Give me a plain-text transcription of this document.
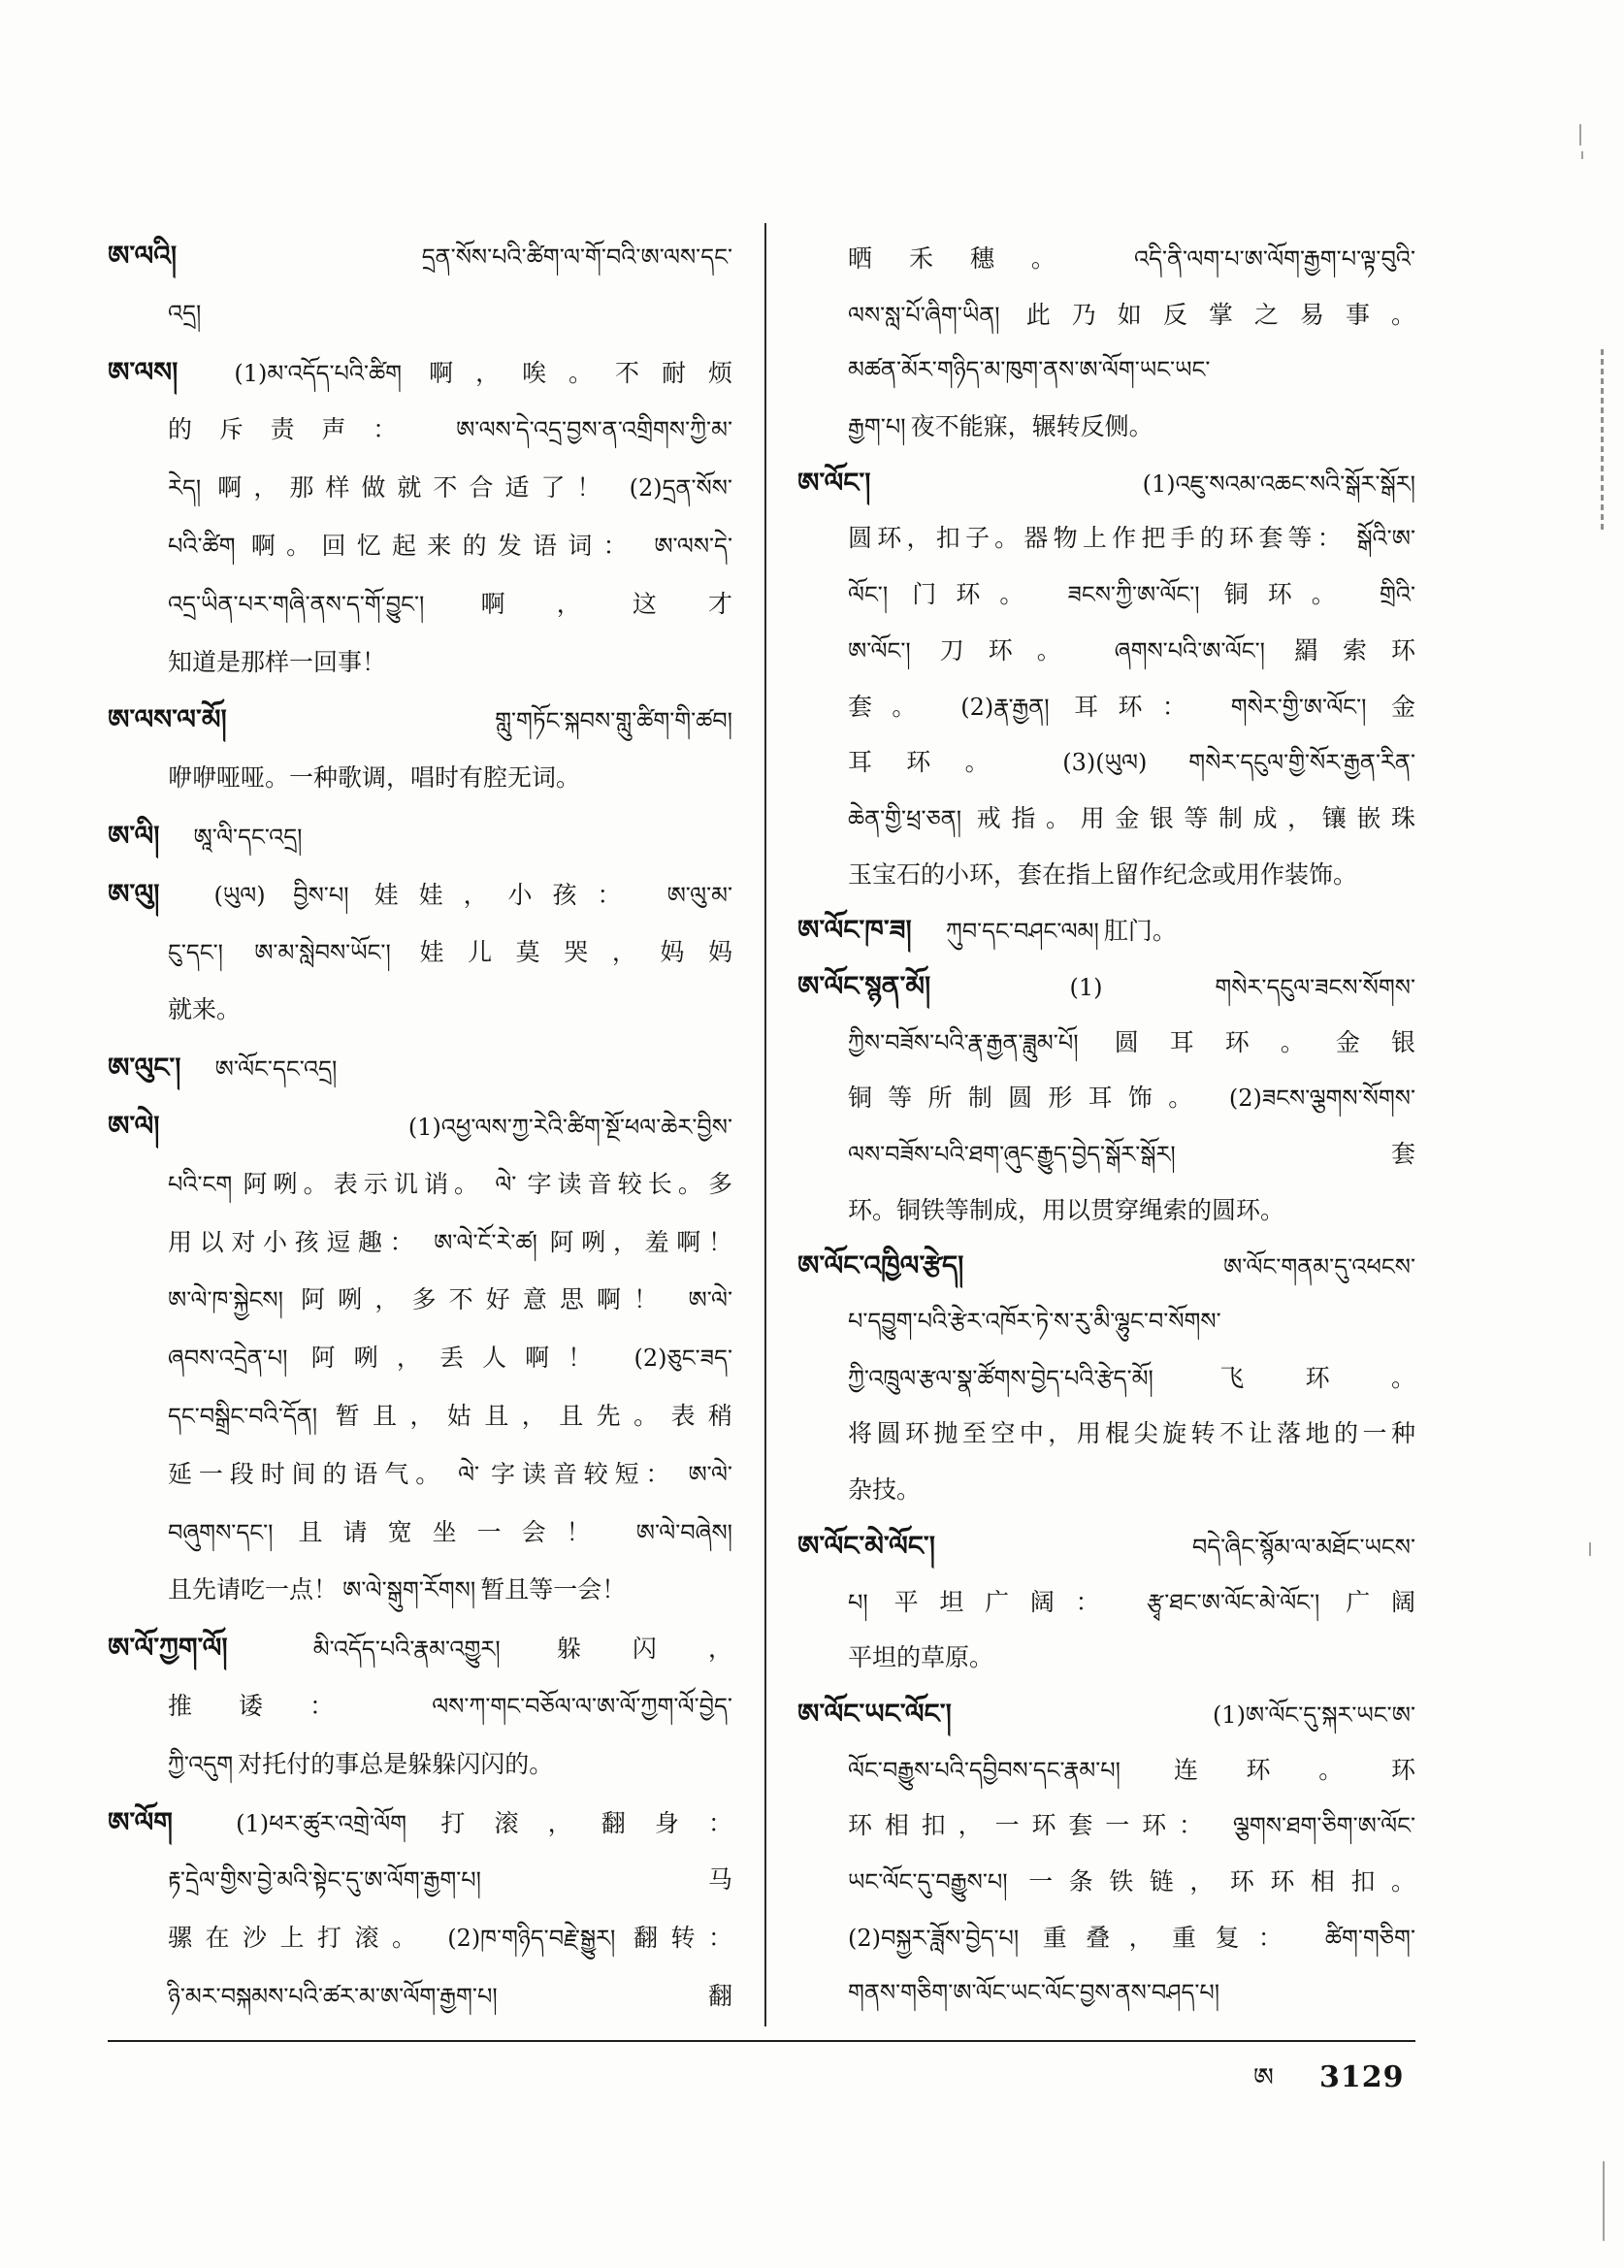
ཨ་ལའི།	དྲན་སོས་པའི་ཚིག་ལ་གོ་བའི་ཨ་ལས་དང་
འདྲ།
ཨ་ལས། (1)མ་འདོད་པའི་ཚིག 啊，唉。不耐烦
的斥责声： ཨ་ལས་དེ་འདྲ་བྱས་ན་འགྲིགས་ཀྱི་མ་
རེད། 啊，那样做就不合适了！ (2)དྲན་སོས་
པའི་ཚིག 啊。回忆起来的发语词： ཨ་ལས་དེ་
འདྲ་ཡིན་པར་གཞི་ནས་ད་གོ་བྱུང་། 啊，这才
知道是那样一回事！
ཨ་ལས་ལ་མོ།	གླུ་གཏོང་སྐབས་གླུ་ཚིག་གི་ཚབ།
咿咿哑哑。一种歌调，唱时有腔无词。
ཨ་ལི། ཨཱ་ལི་དང་འདྲ།
ཨ་ལུ། (ཡུལ) བྱིས་པ། 娃娃，小孩： ཨ་ལུ་མ་
ངུ་དང་། ཨ་མ་སླེབས་ཡོང་། 娃儿莫哭，妈妈
就来。
ཨ་ལུང་། ཨ་ལོང་དང་འདྲ།
ཨ་ལེ།	(1)འཕྱ་ལས་ཀྱ་རེའི་ཚིག་སྔོ་ཕལ་ཆེར་བྱིས་
པའི་ངག 阿咧。表示讥诮。 ལེ་ 字读音较长。多
用以对小孩逗趣： ཨ་ལེ་ངོ་རེ་ཚ། 阿咧，羞啊！
ཨ་ལེ་ཁ་སྐྱེངས། 阿咧，多不好意思啊！ ཨ་ལེ་
ཞབས་འདྲེན་པ། 阿咧，丢人啊！ (2)ཅུང་ཟད་
དང་བསྒྲིང་བའི་དོན། 暂且，姑且，且先。表稍
延一段时间的语气。 ལེ་ 字读音较短： ཨ་ལེ་
བཞུགས་དང་། 且请宽坐一会！ ཨ་ལེ་བཞེས།
且先请吃一点！ ཨ་ལེ་སྒུག་རོགས། 暂且等一会！
ཨ་ལོ་ཀྱག་ལོ།	མི་འདོད་པའི་རྣམ་འགྱུར། 躲闪，
推诿： ལས་ཀ་གང་བཅོལ་ལ་ཨ་ལོ་ཀྱག་ལོ་བྱེད་
ཀྱི་འདུག 对托付的事总是躲躲闪闪的。
ཨ་ལོག	(1)ཕར་ཚུར་འགྲེ་ལོག 打滚，翻身：
རྟ་དྲེལ་གྱིས་བྱེ་མའི་སྟེང་དུ་ཨ་ལོག་རྒྱག་པ།	马
骡在沙上打滚。 (2)ཁ་གཉིད་བརྗེ་སྒྱུར། 翻转：
ཉི་མར་བསྐམས་པའི་ཚར་མ་ཨ་ལོག་རྒྱག་པ།	翻
晒禾穗。 འདི་ནི་ལག་པ་ཨ་ལོག་རྒྱག་པ་ལྟ་བུའི་
ལས་སླ་པོ་ཞིག་ཡིན། 此乃如反掌之易事。
མཚན་མོར་གཉིད་མ་ཁུག་ནས་ཨ་ལོག་ཡང་ཡང་
རྒྱག་པ། 夜不能寐，辗转反侧。
ཨ་ལོང་།	(1)འཇུ་སའམ་འཆང་སའི་སྒོར་སྒོར།
圆环，扣子。器物上作把手的环套等： སྒོའི་ཨ་
ལོང་། 门环。 ཟངས་ཀྱི་ཨ་ལོང་། 铜环。 གྲིའི་
ཨ་ལོང་། 刀环。 ཞགས་པའི་ཨ་ལོང་། 羂索环
套。 (2)རྣ་རྒྱན། 耳环： གསེར་གྱི་ཨ་ལོང་། 金
耳环。 (3)(ཡུལ) གསེར་དངུལ་གྱི་སོར་རྒྱན་རིན་
ཆེན་གྱི་ཕྲ་ཅན། 戒指。用金银等制成，镶嵌珠
玉宝石的小环，套在指上留作纪念或用作装饰。
ཨ་ལོང་ཁ་ཟ། ཀུབ་དང་བཤང་ལམ། 肛门。
ཨ་ལོང་སྙན་མོ།	(1) གསེར་དངུལ་ཟངས་སོགས་
ཀྱིས་བཟོས་པའི་རྣ་རྒྱན་ཟླུམ་པོ། 圆耳环。金银
铜等所制圆形耳饰。 (2)ཟངས་ལྕགས་སོགས་
ལས་བཟོས་པའི་ཐག་ཞུང་རྒྱུད་བྱེད་སྒོར་སྒོར།	套
环。铜铁等制成，用以贯穿绳索的圆环。
ཨ་ལོང་འཁྱིལ་རྩེད།	ཨ་ལོང་གནམ་དུ་འཕངས་
པ་དབྱུག་པའི་རྩེར་འཁོར་ཏེ་ས་རུ་མི་ལྷུང་བ་སོགས་
ཀྱི་འཁྲུལ་རྩལ་སྣ་ཚོགས་བྱེད་པའི་རྩེད་མོ།	飞环。
将圆环抛至空中，用棍尖旋转不让落地的一种
杂技。
ཨ་ལོང་མེ་ལོང་།	བདེ་ཞིང་སྙོམ་ལ་མཐོང་ཡངས་
པ། 平坦广阔： རྩྭ་ཐང་ཨ་ལོང་མེ་ལོང་། 广阔
平坦的草原。
ཨ་ལོང་ཡང་ལོང་།	(1)ཨ་ལོང་དུ་སྐར་ཡང་ཨ་
ལོང་བརྒྱུས་པའི་དབྱིབས་དང་རྣམ་པ། 连环。环
环相扣，一环套一环： ལྕགས་ཐག་ཅིག་ཨ་ལོང་
ཡང་ལོང་དུ་བརྒྱུས་པ། 一条铁链，环环相扣。
(2)བསྐྱར་ཟློས་བྱེད་པ། 重叠，重复： ཚིག་གཅིག་
གནས་གཅིག་ཨ་ལོང་ཡང་ལོང་བྱས་ནས་བཤད་པ།
ཨ 3129
